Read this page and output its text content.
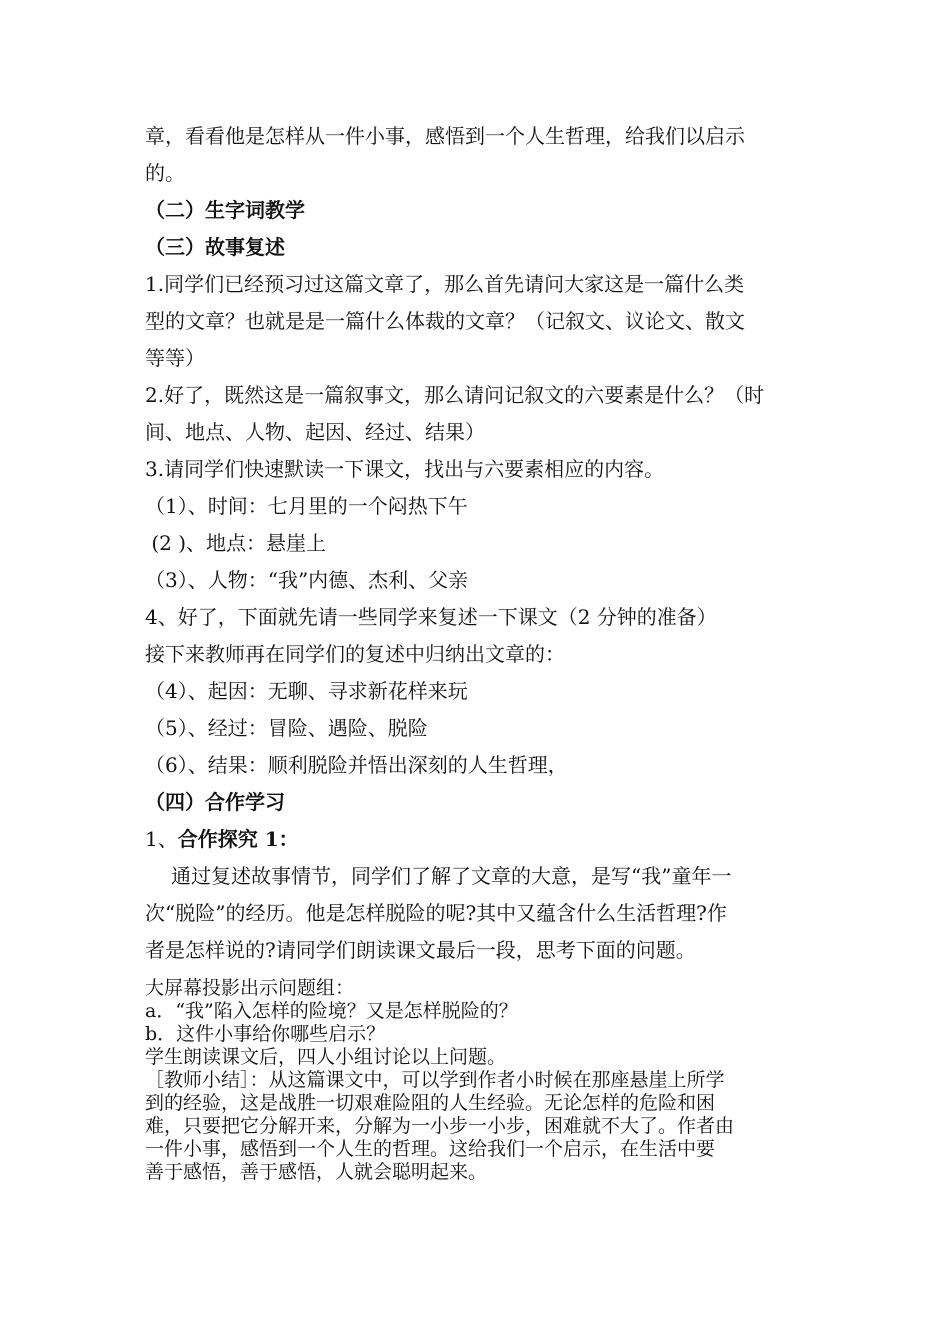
章，看看他是怎样从一件小事，感悟到一个人生哲理，给我们以启示

的。

（二）生字词教学

（三）故事复述

1.同学们已经预习过这篇文章了，那么首先请问大家这是一篇什么类

型的文章？也就是是一篇什么体裁的文章？（记叙文、议论文、散文

等等）

2.好了，既然这是一篇叙事文，那么请问记叙文的六要素是什么？（时

间、地点、人物、起因、经过、结果）

3.请同学们快速默读一下课文，找出与六要素相应的内容。

（1）、时间：七月里的一个闷热下午

(2 )、地点：悬崖上

（3）、人物：“我”内德、杰利、父亲

4、好了，下面就先请一些同学来复述一下课文（2 分钟的准备）

接下来教师再在同学们的复述中归纳出文章的：

（4）、起因：无聊、寻求新花样来玩

（5）、经过：冒险、遇险、脱险

（6）、结果：顺利脱险并悟出深刻的人生哲理，

（四）合作学习

1、合作探究 1：

通过复述故事情节，同学们了解了文章的大意，是写“我”童年一

次“脱险”的经历。他是怎样脱险的呢?其中又蕴含什么生活哲理?作

者是怎样说的?请同学们朗读课文最后一段，思考下面的问题。

大屏幕投影出示问题组：

a．“我”陷入怎样的险境？又是怎样脱险的？

b．这件小事给你哪些启示？

学生朗读课文后，四人小组讨论以上问题。

［教师小结］：从这篇课文中，可以学到作者小时候在那座悬崖上所学

到的经验，这是战胜一切艰难险阻的人生经验。无论怎样的危险和困

难，只要把它分解开来，分解为一小步一小步，困难就不大了。作者由

一件小事，感悟到一个人生的哲理。这给我们一个启示，在生活中要

善于感悟，善于感悟，人就会聪明起来。
